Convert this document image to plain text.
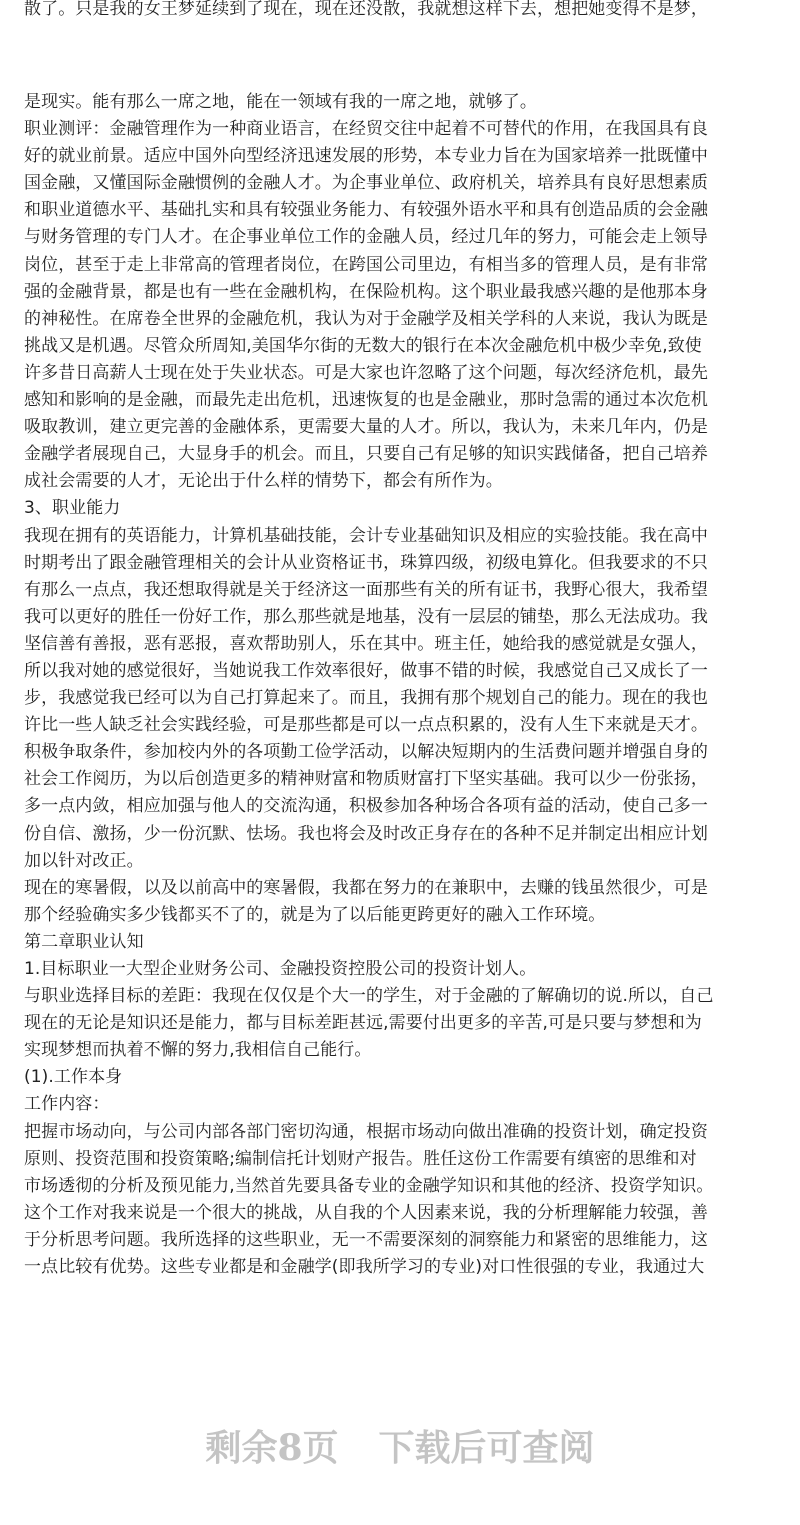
散了。只是我的女王梦延续到了现在，现在还没散，我就想这样下去，想把她变得不是梦，

是现实。能有那么一席之地，能在一领域有我的一席之地，就够了。

职业测评：金融管理作为一种商业语言，在经贸交往中起着不可替代的作用，在我国具有良

好的就业前景。适应中国外向型经济迅速发展的形势，本专业力旨在为国家培养一批既懂中

国金融，又懂国际金融惯例的金融人才。为企事业单位、政府机关，培养具有良好思想素质

和职业道德水平、基础扎实和具有较强业务能力、有较强外语水平和具有创造品质的会金融

与财务管理的专门人才。在企事业单位工作的金融人员，经过几年的努力，可能会走上领导

岗位，甚至于走上非常高的管理者岗位，在跨国公司里边，有相当多的管理人员，是有非常

强的金融背景，都是也有一些在金融机构，在保险机构。这个职业最我感兴趣的是他那本身

的神秘性。在席卷全世界的金融危机，我认为对于金融学及相关学科的人来说，我认为既是

挑战又是机遇。尽管众所周知,美国华尔街的无数大的银行在本次金融危机中极少幸免,致使

许多昔日高薪人士现在处于失业状态。可是大家也许忽略了这个问题，每次经济危机，最先

感知和影响的是金融，而最先走出危机，迅速恢复的也是金融业，那时急需的通过本次危机

吸取教训，建立更完善的金融体系，更需要大量的人才。所以，我认为，未来几年内，仍是

金融学者展现自己，大显身手的机会。而且，只要自己有足够的知识实践储备，把自己培养

成社会需要的人才，无论出于什么样的情势下，都会有所作为。

3、职业能力

我现在拥有的英语能力，计算机基础技能，会计专业基础知识及相应的实验技能。我在高中

时期考出了跟金融管理相关的会计从业资格证书，珠算四级，初级电算化。但我要求的不只

有那么一点点，我还想取得就是关于经济这一面那些有关的所有证书，我野心很大，我希望

我可以更好的胜任一份好工作，那么那些就是地基，没有一层层的铺垫，那么无法成功。我

坚信善有善报，恶有恶报，喜欢帮助别人，乐在其中。班主任，她给我的感觉就是女强人，

所以我对她的感觉很好，当她说我工作效率很好，做事不错的时候，我感觉自己又成长了一

步，我感觉我已经可以为自己打算起来了。而且，我拥有那个规划自己的能力。现在的我也

许比一些人缺乏社会实践经验，可是那些都是可以一点点积累的，没有人生下来就是天才。

积极争取条件，参加校内外的各项勤工俭学活动，以解决短期内的生活费问题并增强自身的

社会工作阅历，为以后创造更多的精神财富和物质财富打下坚实基础。我可以少一份张扬，

多一点内敛，相应加强与他人的交流沟通，积极参加各种场合各项有益的活动，使自己多一

份自信、激扬，少一份沉默、怯场。我也将会及时改正身存在的各种不足并制定出相应计划

加以针对改正。

现在的寒暑假，以及以前高中的寒暑假，我都在努力的在兼职中，去赚的钱虽然很少，可是

那个经验确实多少钱都买不了的，就是为了以后能更跨更好的融入工作环境。

第二章职业认知

1.目标职业一大型企业财务公司、金融投资控股公司的投资计划人。

与职业选择目标的差距：我现在仅仅是个大一的学生，对于金融的了解确切的说.所以，自己

现在的无论是知识还是能力，都与目标差距甚远,需要付出更多的辛苦,可是只要与梦想和为

实现梦想而执着不懈的努力,我相信自己能行。

(1).工作本身

工作内容：

把握市场动向，与公司内部各部门密切沟通，根据市场动向做出准确的投资计划，确定投资

原则、投资范围和投资策略;编制信托计划财产报告。胜任这份工作需要有缜密的思维和对

市场透彻的分析及预见能力,当然首先要具备专业的金融学知识和其他的经济、投资学知识。

这个工作对我来说是一个很大的挑战，从自我的个人因素来说，我的分析理解能力较强，善

于分析思考问题。我所选择的这些职业，无一不需要深刻的洞察能力和紧密的思维能力，这

一点比较有优势。这些专业都是和金融学(即我所学习的专业)对口性很强的专业，我通过大

剩余8页 下载后可查阅
